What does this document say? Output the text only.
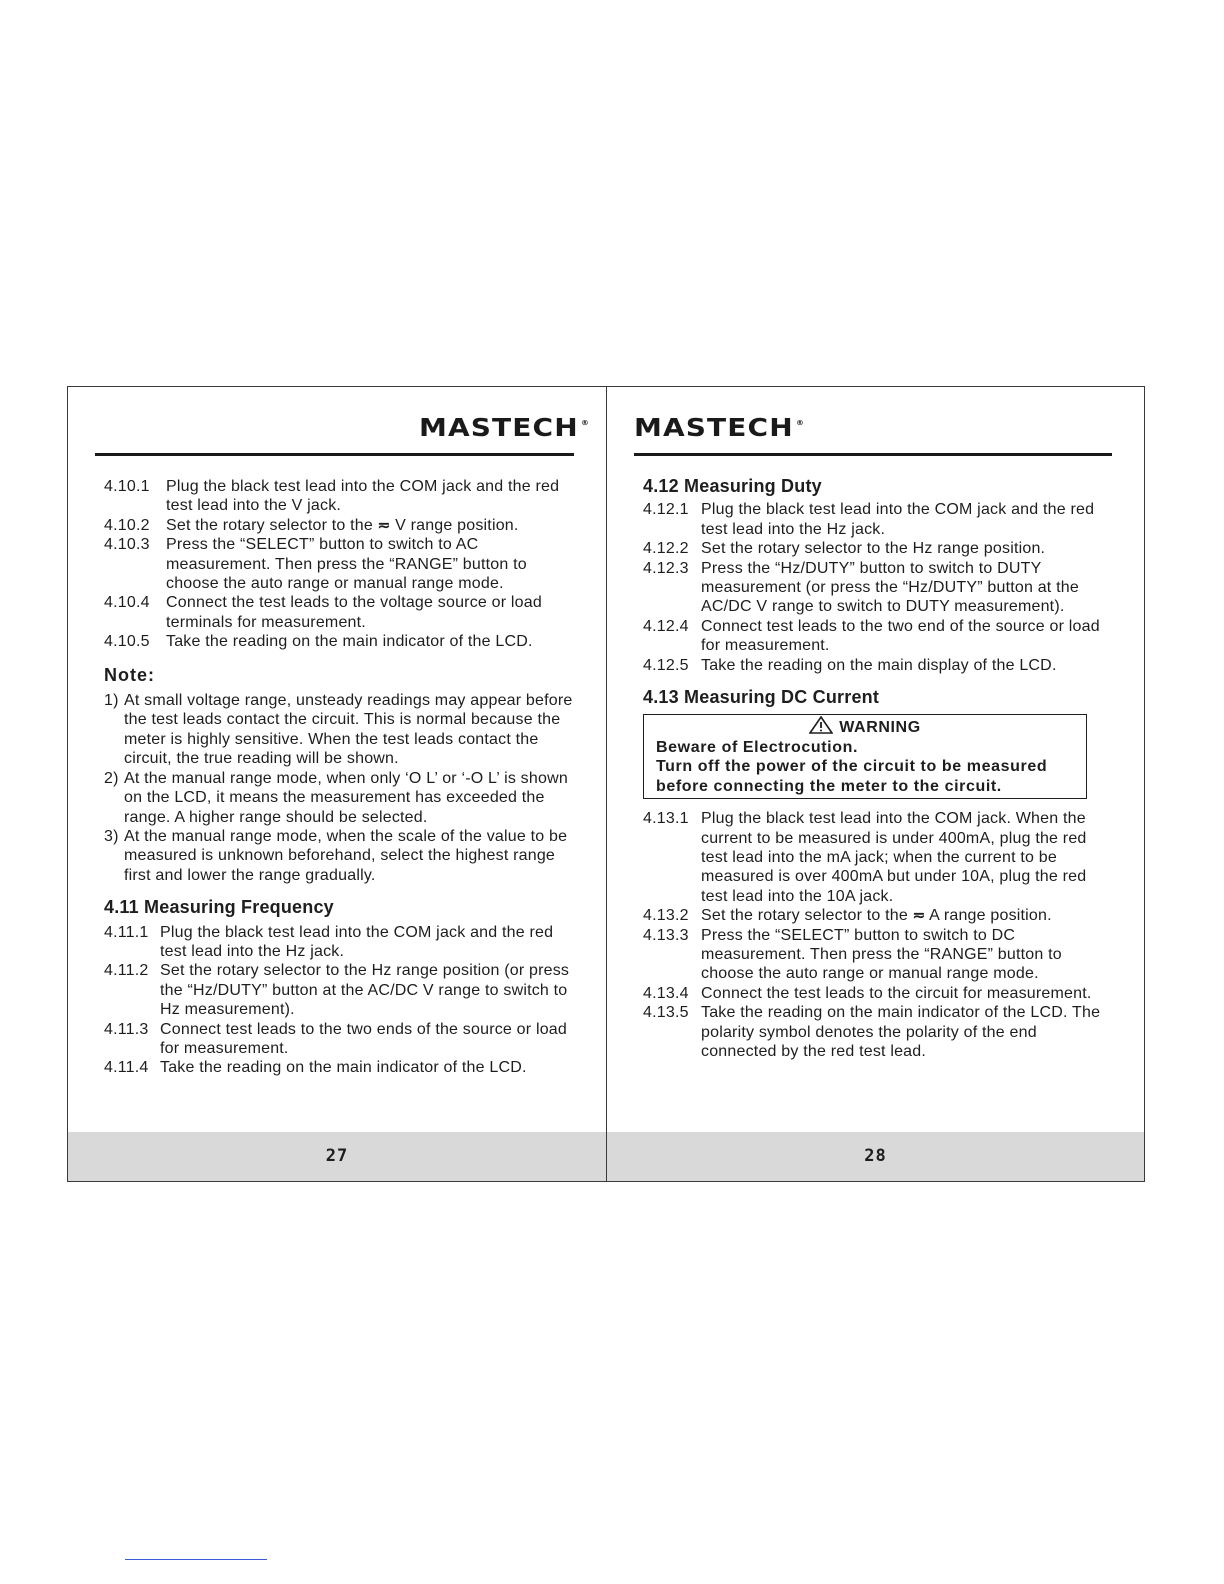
MASTECH ®
4.10.1 Plug the black test lead into the COM jack and the red test lead into the V jack.
4.10.2 Set the rotary selector to the ≂ V range position.
4.10.3 Press the “SELECT” button to switch to AC measurement. Then press the “RANGE” button to choose the auto range or manual range mode.
4.10.4 Connect the test leads to the voltage source or load terminals for measurement.
4.10.5 Take the reading on the main indicator of the LCD.
Note:
1) At small voltage range, unsteady readings may appear before the test leads contact the circuit. This is normal because the meter is highly sensitive. When the test leads contact the circuit, the true reading will be shown.
2) At the manual range mode, when only ‘O L’ or ‘-O L’ is shown on the LCD, it means the measurement has exceeded the range. A higher range should be selected.
3) At the manual range mode, when the scale of the value to be measured is unknown beforehand, select the highest range first and lower the range gradually.
4.11 Measuring Frequency
4.11.1 Plug the black test lead into the COM jack and the red test lead into the Hz jack.
4.11.2 Set the rotary selector to the Hz range position (or press the “Hz/DUTY” button at the AC/DC V range to switch to Hz measurement).
4.11.3 Connect test leads to the two ends of the source or load for measurement.
4.11.4 Take the reading on the main indicator of the LCD.
27
MASTECH ®
4.12 Measuring Duty
4.12.1 Plug the black test lead into the COM jack and the red test lead into the Hz jack.
4.12.2 Set the rotary selector to the Hz range position.
4.12.3 Press the “Hz/DUTY” button to switch to DUTY measurement (or press the “Hz/DUTY” button at the AC/DC V range to switch to DUTY measurement).
4.12.4 Connect test leads to the two end of the source or load for measurement.
4.12.5 Take the reading on the main display of the LCD.
4.13 Measuring DC Current
WARNING
Beware of Electrocution.
Turn off the power of the circuit to be measured
before connecting the meter to the circuit.
4.13.1 Plug the black test lead into the COM jack. When the current to be measured is under 400mA, plug the red test lead into the mA jack; when the current to be measured is over 400mA but under 10A, plug the red test lead into the 10A jack.
4.13.2 Set the rotary selector to the ≂ A range position.
4.13.3 Press the “SELECT” button to switch to DC measurement. Then press the “RANGE” button to choose the auto range or manual range mode.
4.13.4 Connect the test leads to the circuit for measurement.
4.13.5 Take the reading on the main indicator of the LCD. The polarity symbol denotes the polarity of the end connected by the red test lead.
28
